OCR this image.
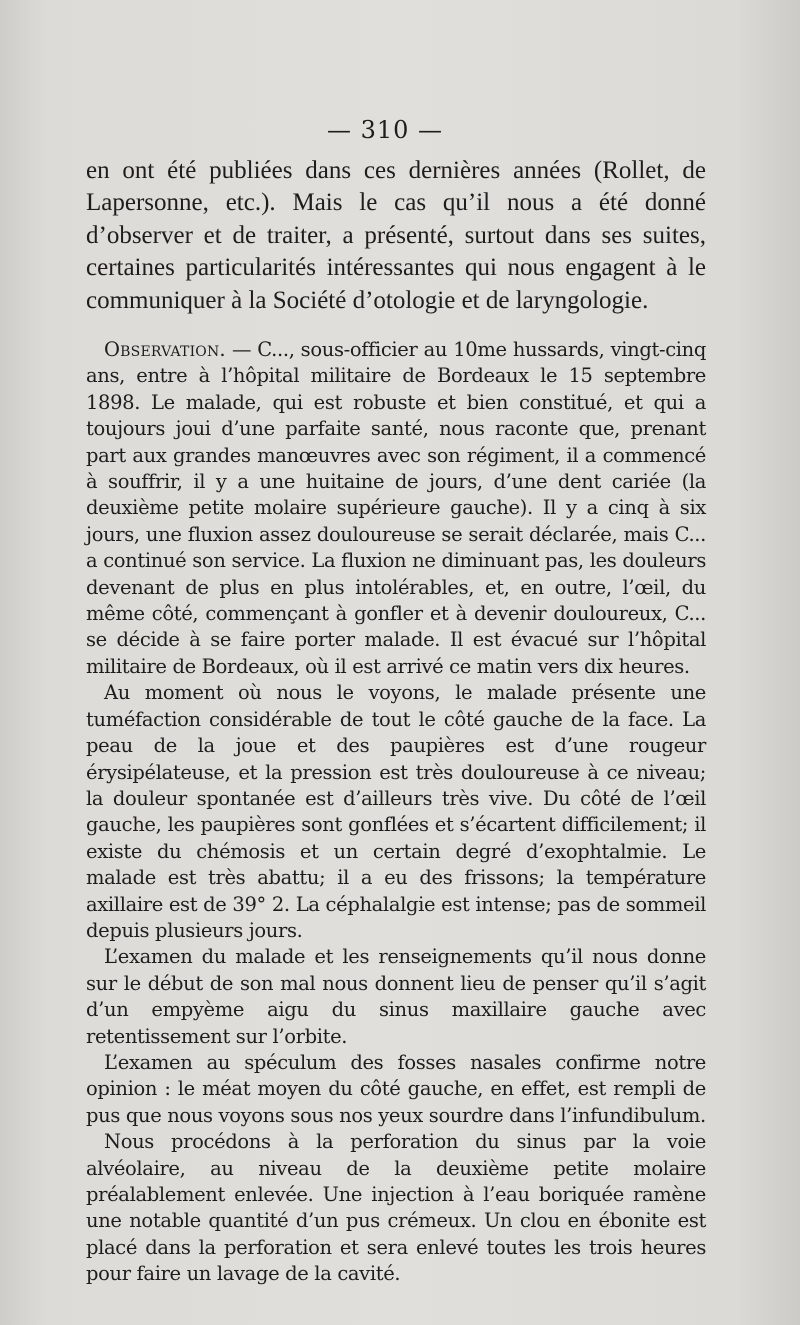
— 310 —

en ont été publiées dans ces dernières années (Rollet, de Lapersonne, etc.). Mais le cas qu’il nous a été donné d’observer et de traiter, a présenté, surtout dans ses suites, certaines particularités intéressantes qui nous engagent à le communiquer à la Société d’otologie et de laryngologie.

Observation. — C..., sous-officier au 10me hussards, vingt-cinq ans, entre à l’hôpital militaire de Bordeaux le 15 septembre 1898. Le malade, qui est robuste et bien constitué, et qui a toujours joui d’une parfaite santé, nous raconte que, prenant part aux grandes manœuvres avec son régiment, il a commencé à souffrir, il y a une huitaine de jours, d’une dent cariée (la deuxième petite molaire supérieure gauche). Il y a cinq à six jours, une fluxion assez douloureuse se serait déclarée, mais C... a continué son service. La fluxion ne diminuant pas, les douleurs devenant de plus en plus intolérables, et, en outre, l’œil, du même côté, commençant à gonfler et à devenir douloureux, C... se décide à se faire porter malade. Il est évacué sur l’hôpital militaire de Bordeaux, où il est arrivé ce matin vers dix heures.

Au moment où nous le voyons, le malade présente une tuméfaction considérable de tout le côté gauche de la face. La peau de la joue et des paupières est d’une rougeur érysipélateuse, et la pression est très douloureuse à ce niveau; la douleur spontanée est d’ailleurs très vive. Du côté de l’œil gauche, les paupières sont gonflées et s’écartent difficilement; il existe du chémosis et un certain degré d’exophtalmie. Le malade est très abattu; il a eu des frissons; la température axillaire est de 39° 2. La céphalalgie est intense; pas de sommeil depuis plusieurs jours.

L’examen du malade et les renseignements qu’il nous donne sur le début de son mal nous donnent lieu de penser qu’il s’agit d’un empyème aigu du sinus maxillaire gauche avec retentissement sur l’orbite.

L’examen au spéculum des fosses nasales confirme notre opinion : le méat moyen du côté gauche, en effet, est rempli de pus que nous voyons sous nos yeux sourdre dans l’infundibulum.

Nous procédons à la perforation du sinus par la voie alvéolaire, au niveau de la deuxième petite molaire préalablement enlevée. Une injection à l’eau boriquée ramène une notable quantité d’un pus crémeux. Un clou en ébonite est placé dans la perforation et sera enlevé toutes les trois heures pour faire un lavage de la cavité.
